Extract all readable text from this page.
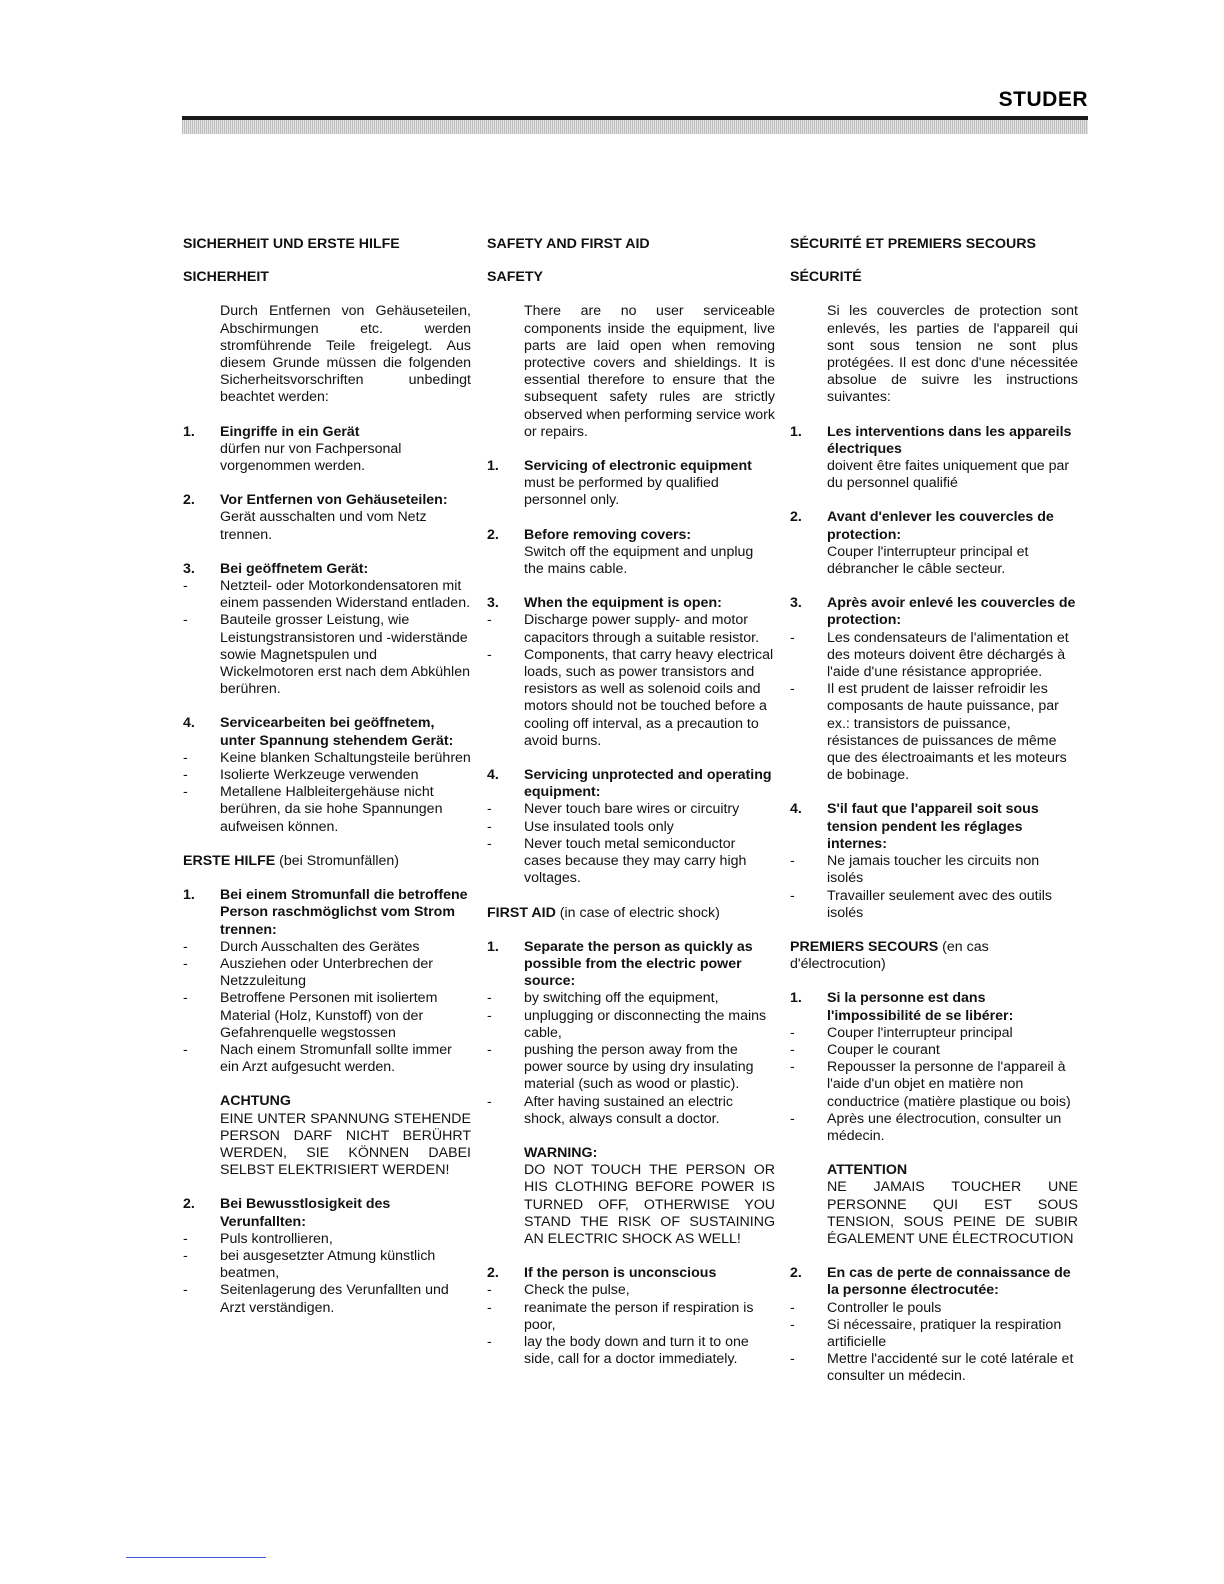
STUDER
SICHERHEIT UND ERSTE HILFE
SICHERHEIT
Durch Entfernen von Gehäuseteilen, Abschirmungen etc. werden stromführende Teile freigelegt. Aus diesem Grunde müssen die folgenden Sicherheitsvorschriften unbedingt beachtet werden:
1.	Eingriffe in ein Gerät
dürfen nur von Fachpersonal vorgenommen werden.
2.	Vor Entfernen von Gehäuseteilen:
Gerät ausschalten und vom Netz trennen.
3.	Bei geöffnetem Gerät:
- Netzteil- oder Motorkondensatoren mit einem passenden Widerstand entladen.
- Bauteile grosser Leistung, wie Leistungstransistoren und -widerstände sowie Magnetspulen und Wickelmotoren erst nach dem Abkühlen berühren.
4.	Servicearbeiten bei geöffnetem, unter Spannung stehendem Gerät:
- Keine blanken Schaltungsteile berühren
- Isolierte Werkzeuge verwenden
- Metallene Halbleitergehäuse nicht berühren, da sie hohe Spannungen aufweisen können.
ERSTE HILFE (bei Stromunfällen)
1.	Bei einem Stromunfall die betroffene Person raschmöglichst vom Strom trennen:
- Durch Ausschalten des Gerätes
- Ausziehen oder Unterbrechen der Netzzuleitung
- Betroffene Personen mit isoliertem Material (Holz, Kunstoff) von der Gefahrenquelle wegstossen
- Nach einem Stromunfall sollte immer ein Arzt aufgesucht werden.
ACHTUNG
EINE UNTER SPANNUNG STEHENDE PERSON DARF NICHT BERÜHRT WERDEN, SIE KÖNNEN DABEI SELBST ELEKTRISIERT WERDEN!
2.	Bei Bewusstlosigkeit des Verunfallten:
- Puls kontrollieren,
- bei ausgesetzter Atmung künstlich beatmen,
- Seitenlagerung des Verunfallten und Arzt verständigen.
SAFETY AND FIRST AID
SAFETY
There are no user serviceable components inside the equipment, live parts are laid open when removing protective covers and shieldings. It is essential therefore to ensure that the subsequent safety rules are strictly observed when performing service work or repairs.
1.	Servicing of electronic equipment
must be performed by qualified personnel only.
2.	Before removing covers:
Switch off the equipment and unplug the mains cable.
3.	When the equipment is open:
- Discharge power supply- and motor capacitors through a suitable resistor.
- Components, that carry heavy electrical loads, such as power transistors and resistors as well as solenoid coils and motors should not be touched before a cooling off interval, as a precaution to avoid burns.
4.	Servicing unprotected and operating equipment:
- Never touch bare wires or circuitry
- Use insulated tools only
- Never touch metal semiconductor cases because they may carry high voltages.
FIRST AID (in case of electric shock)
1.	Separate the person as quickly as possible from the electric power source:
- by switching off the equipment,
- unplugging or disconnecting the mains cable,
- pushing the person away from the power source by using dry insulating material (such as wood or plastic).
- After having sustained an electric shock, always consult a doctor.
WARNING:
DO NOT TOUCH THE PERSON OR HIS CLOTHING BEFORE POWER IS TURNED OFF, OTHERWISE YOU STAND THE RISK OF SUSTAINING AN ELECTRIC SHOCK AS WELL!
2.	If the person is unconscious
- Check the pulse,
- reanimate the person if respiration is poor,
- lay the body down and turn it to one side, call for a doctor immediately.
SÉCURITÉ ET PREMIERS SECOURS
SÉCURITÉ
Si les couvercles de protection sont enlevés, les parties de l'appareil qui sont sous tension ne sont plus protégées. Il est donc d'une nécessitée absolue de suivre les instructions suivantes:
1.	Les interventions dans les appareils électriques
doivent être faites uniquement que par du personnel qualifié
2.	Avant d'enlever les couvercles de protection:
Couper l'interrupteur principal et débrancher le câble secteur.
3.	Après avoir enlevé les couvercles de protection:
- Les condensateurs de l'alimentation et des moteurs doivent être déchargés à l'aide d'une résistance appropriée.
- Il est prudent de laisser refroidir les composants de haute puissance, par ex.: transistors de puissance, résistances de puissances de même que des électroaimants et les moteurs de bobinage.
4.	S'il faut que l'appareil soit sous tension pendent les réglages internes:
- Ne jamais toucher les circuits non isolés
- Travailler seulement avec des outils isolés
PREMIERS SECOURS (en cas d'électrocution)
1.	Si la personne est dans l'impossibilité de se libérer:
- Couper l'interrupteur principal
- Couper le courant
- Repousser la personne de l'appareil à l'aide d'un objet en matière non conductrice (matière plastique ou bois)
- Après une électrocution, consulter un médecin.
ATTENTION
NE JAMAIS TOUCHER UNE PERSONNE QUI EST SOUS TENSION, SOUS PEINE DE SUBIR ÉGALEMENT UNE ÉLECTROCUTION
2.	En cas de perte de connaissance de la personne électrocutée:
- Controller le pouls
- Si nécessaire, pratiquer la respiration artificielle
- Mettre l'accidenté sur le coté latérale et consulter un médecin.
